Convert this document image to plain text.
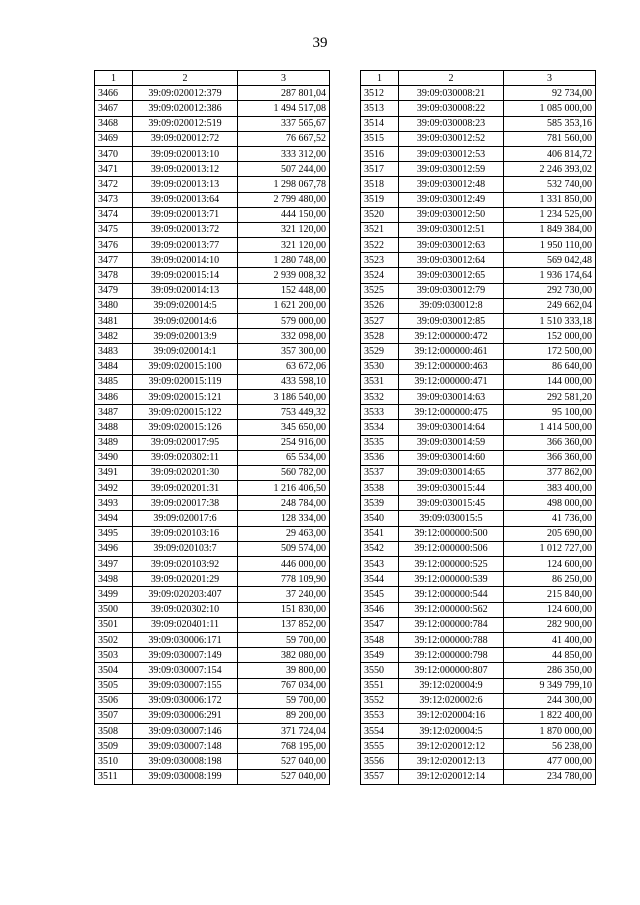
39
1	2	3
3466	39:09:020012:379	287 801,04
3467	39:09:020012:386	1 494 517,08
3468	39:09:020012:519	337 565,67
3469	39:09:020012:72	76 667,52
3470	39:09:020013:10	333 312,00
3471	39:09:020013:12	507 244,00
3472	39:09:020013:13	1 298 067,78
3473	39:09:020013:64	2 799 480,00
3474	39:09:020013:71	444 150,00
3475	39:09:020013:72	321 120,00
3476	39:09:020013:77	321 120,00
3477	39:09:020014:10	1 280 748,00
3478	39:09:020015:14	2 939 008,32
3479	39:09:020014:13	152 448,00
3480	39:09:020014:5	1 621 200,00
3481	39:09:020014:6	579 000,00
3482	39:09:020013:9	332 098,00
3483	39:09:020014:1	357 300,00
3484	39:09:020015:100	63 672,06
3485	39:09:020015:119	433 598,10
3486	39:09:020015:121	3 186 540,00
3487	39:09:020015:122	753 449,32
3488	39:09:020015:126	345 650,00
3489	39:09:020017:95	254 916,00
3490	39:09:020302:11	65 534,00
3491	39:09:020201:30	560 782,00
3492	39:09:020201:31	1 216 406,50
3493	39:09:020017:38	248 784,00
3494	39:09:020017:6	128 334,00
3495	39:09:020103:16	29 463,00
3496	39:09:020103:7	509 574,00
3497	39:09:020103:92	446 000,00
3498	39:09:020201:29	778 109,90
3499	39:09:020203:407	37 240,00
3500	39:09:020302:10	151 830,00
3501	39:09:020401:11	137 852,00
3502	39:09:030006:171	59 700,00
3503	39:09:030007:149	382 080,00
3504	39:09:030007:154	39 800,00
3505	39:09:030007:155	767 034,00
3506	39:09:030006:172	59 700,00
3507	39:09:030006:291	89 200,00
3508	39:09:030007:146	371 724,04
3509	39:09:030007:148	768 195,00
3510	39:09:030008:198	527 040,00
3511	39:09:030008:199	527 040,00
1	2	3
3512	39:09:030008:21	92 734,00
3513	39:09:030008:22	1 085 000,00
3514	39:09:030008:23	585 353,16
3515	39:09:030012:52	781 560,00
3516	39:09:030012:53	406 814,72
3517	39:09:030012:59	2 246 393,02
3518	39:09:030012:48	532 740,00
3519	39:09:030012:49	1 331 850,00
3520	39:09:030012:50	1 234 525,00
3521	39:09:030012:51	1 849 384,00
3522	39:09:030012:63	1 950 110,00
3523	39:09:030012:64	569 042,48
3524	39:09:030012:65	1 936 174,64
3525	39:09:030012:79	292 730,00
3526	39:09:030012:8	249 662,04
3527	39:09:030012:85	1 510 333,18
3528	39:12:000000:472	152 000,00
3529	39:12:000000:461	172 500,00
3530	39:12:000000:463	86 640,00
3531	39:12:000000:471	144 000,00
3532	39:09:030014:63	292 581,20
3533	39:12:000000:475	95 100,00
3534	39:09:030014:64	1 414 500,00
3535	39:09:030014:59	366 360,00
3536	39:09:030014:60	366 360,00
3537	39:09:030014:65	377 862,00
3538	39:09:030015:44	383 400,00
3539	39:09:030015:45	498 000,00
3540	39:09:030015:5	41 736,00
3541	39:12:000000:500	205 690,00
3542	39:12:000000:506	1 012 727,00
3543	39:12:000000:525	124 600,00
3544	39:12:000000:539	86 250,00
3545	39:12:000000:544	215 840,00
3546	39:12:000000:562	124 600,00
3547	39:12:000000:784	282 900,00
3548	39:12:000000:788	41 400,00
3549	39:12:000000:798	44 850,00
3550	39:12:000000:807	286 350,00
3551	39:12:020004:9	9 349 799,10
3552	39:12:020002:6	244 300,00
3553	39:12:020004:16	1 822 400,00
3554	39:12:020004:5	1 870 000,00
3555	39:12:020012:12	56 238,00
3556	39:12:020012:13	477 000,00
3557	39:12:020012:14	234 780,00
